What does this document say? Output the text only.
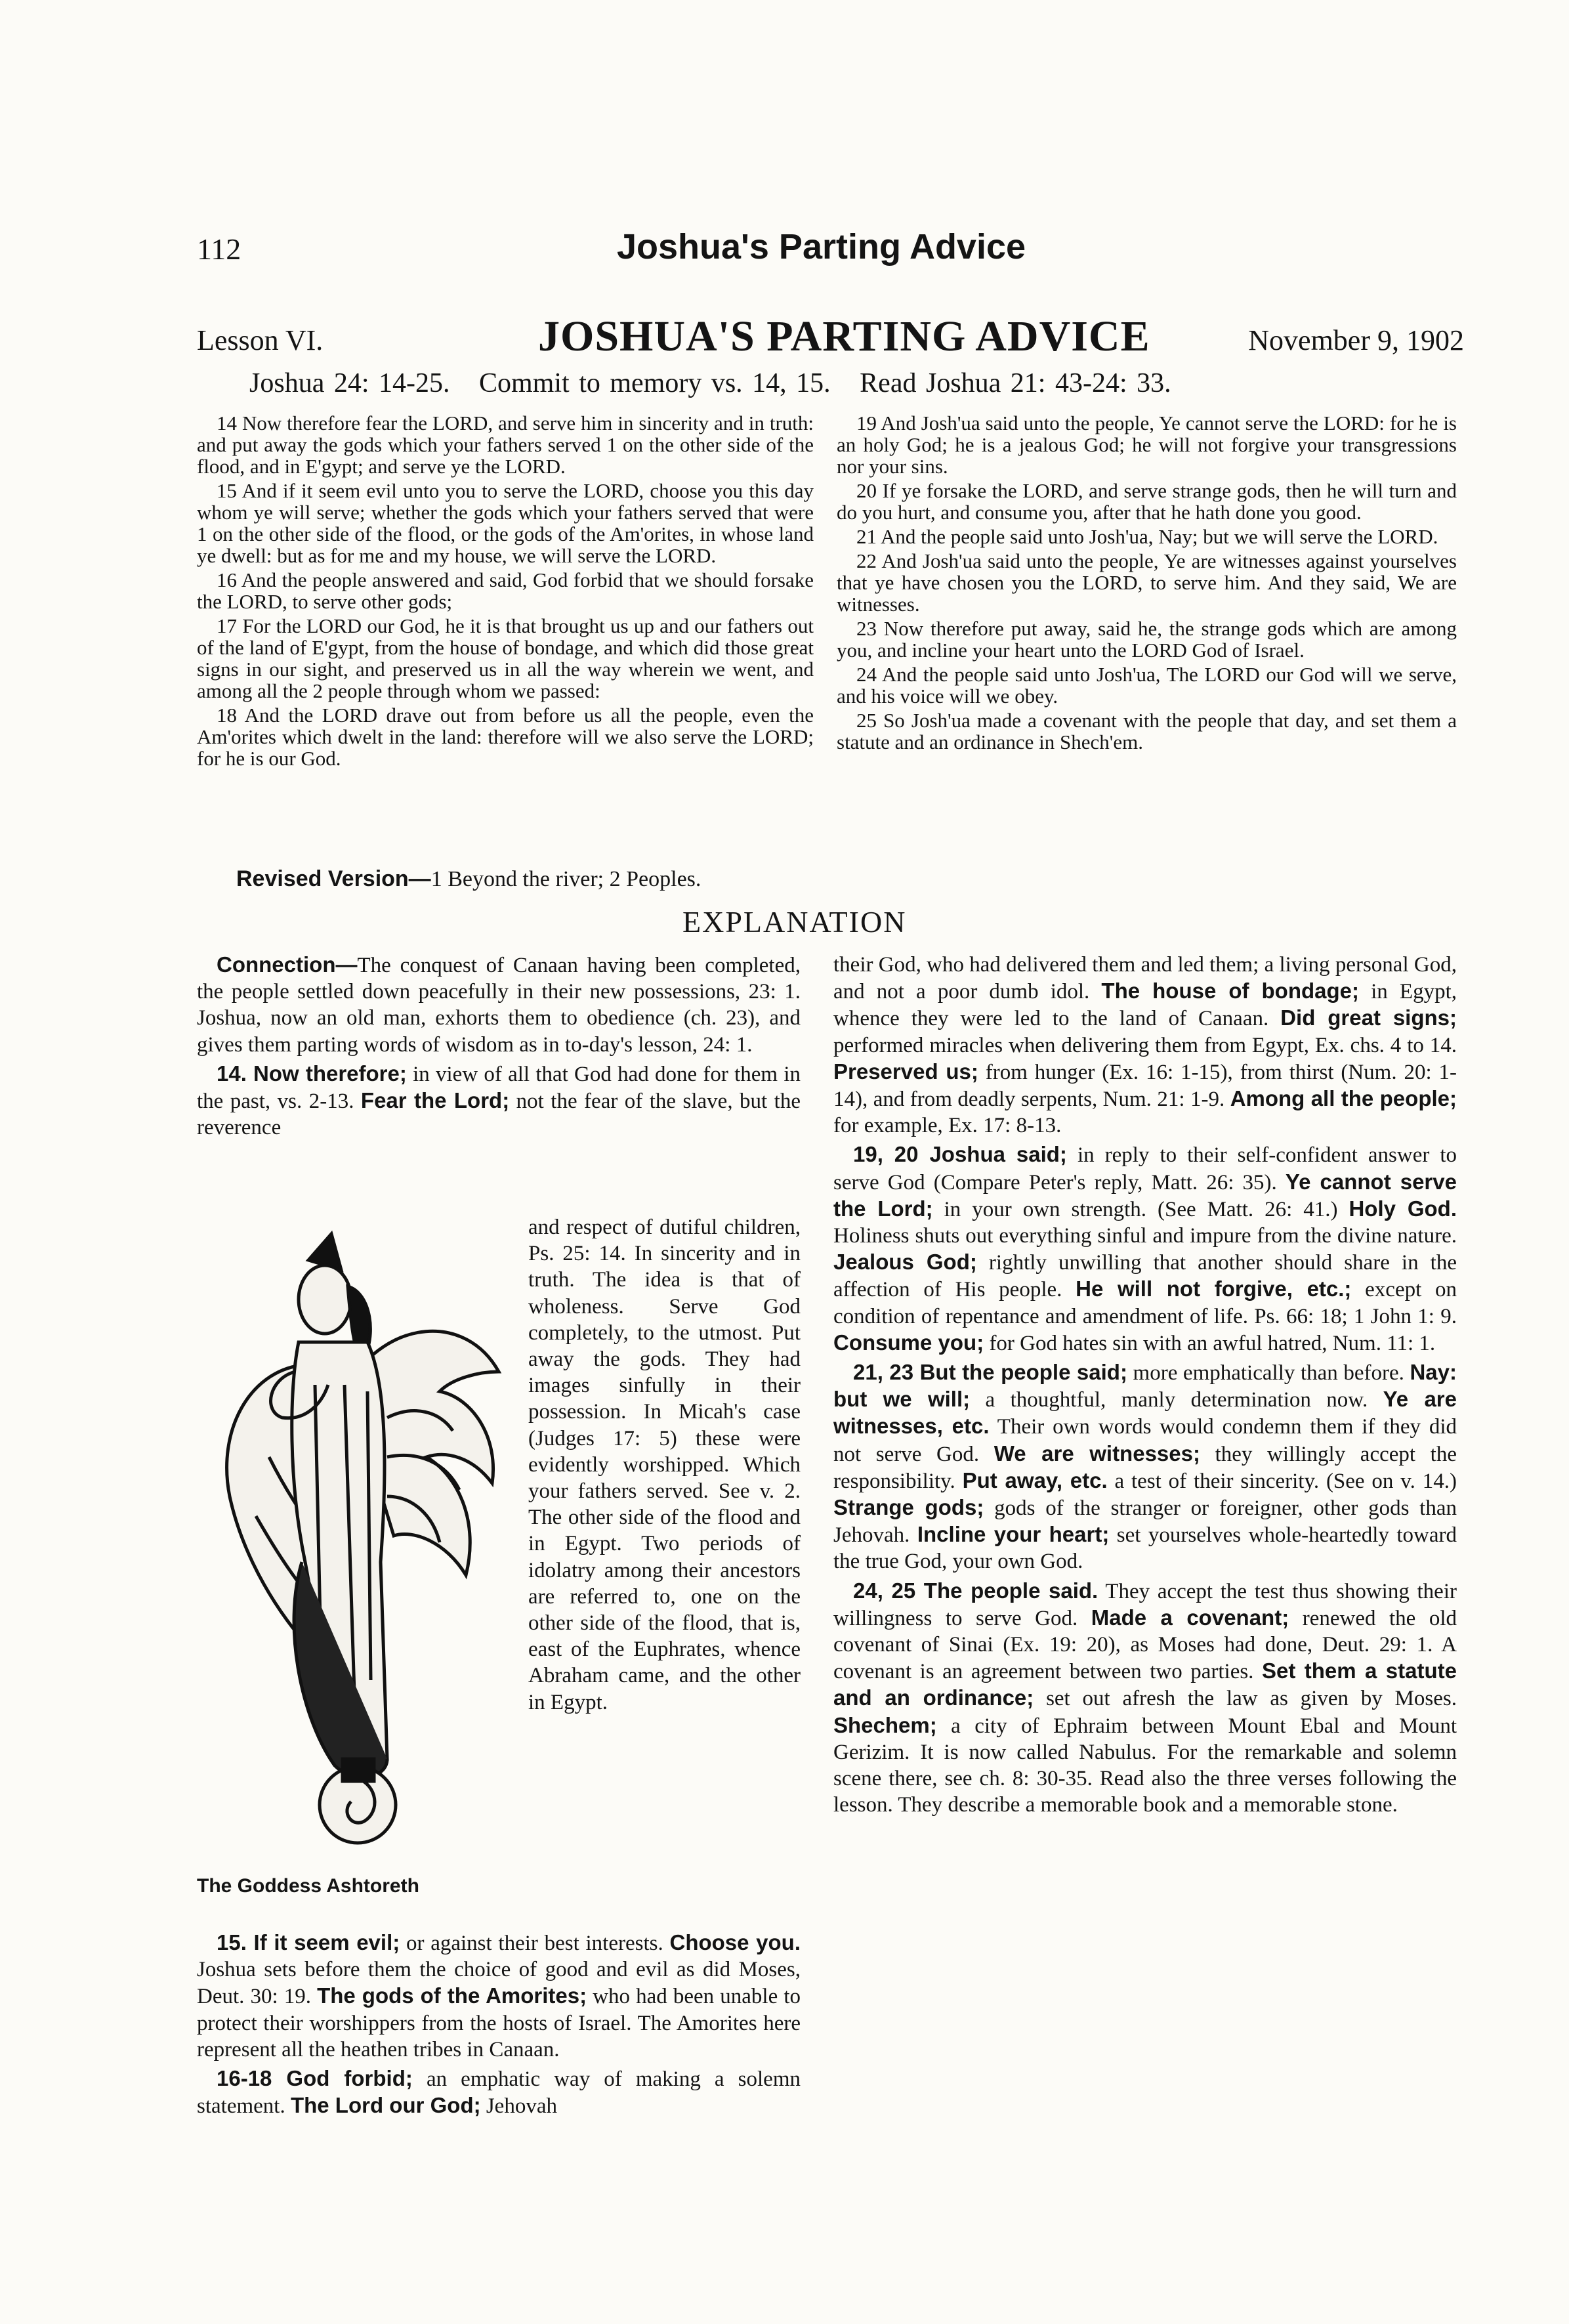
112	Joshua's Parting Advice
Lesson VI.	JOSHUA'S PARTING ADVICE	November 9, 1902
Joshua 24: 14-25. Commit to memory vs. 14, 15. Read Joshua 21: 43-24: 33.

14 Now therefore fear the LORD, and serve him in sincerity and in truth: and put away the gods which your fathers served 1 on the other side of the flood, and in E'gypt; and serve ye the LORD.

15 And if it seem evil unto you to serve the LORD, choose you this day whom ye will serve; whether the gods which your fathers served that were 1 on the other side of the flood, or the gods of the Am'orites, in whose land ye dwell: but as for me and my house, we will serve the LORD.

16 And the people answered and said, God forbid that we should forsake the LORD, to serve other gods;

17 For the LORD our God, he it is that brought us up and our fathers out of the land of E'gypt, from the house of bondage, and which did those great signs in our sight, and preserved us in all the way wherein we went, and among all the 2 people through whom we passed:

18 And the LORD drave out from before us all the people, even the Am'orites which dwelt in the land: therefore will we also serve the LORD; for he is our God.

19 And Josh'ua said unto the people, Ye cannot serve the LORD: for he is an holy God; he is a jealous God; he will not forgive your transgressions nor your sins.

20 If ye forsake the LORD, and serve strange gods, then he will turn and do you hurt, and consume you, after that he hath done you good.

21 And the people said unto Josh'ua, Nay; but we will serve the LORD.

22 And Josh'ua said unto the people, Ye are witnesses against yourselves that ye have chosen you the LORD, to serve him. And they said, We are witnesses.

23 Now therefore put away, said he, the strange gods which are among you, and incline your heart unto the LORD God of Israel.

24 And the people said unto Josh'ua, The LORD our God will we serve, and his voice will we obey.

25 So Josh'ua made a covenant with the people that day, and set them a statute and an ordinance in Shech'em.

Revised Version—1 Beyond the river; 2 Peoples.
EXPLANATION

Connection—The conquest of Canaan having been completed, the people settled down peacefully in their new possessions, 23: 1. Joshua, now an old man, exhorts them to obedience (ch. 23), and gives them parting words of wisdom as in to-day's lesson, 24: 1.

14. Now therefore; in view of all that God had done for them in the past, vs. 2-13. Fear the Lord; not the fear of the slave, but the reverence

and respect of dutiful children, Ps. 25: 14. In sincerity and in truth. The idea is that of wholeness. Serve God completely, to the utmost. Put away the gods. They had images sinfully in their possession. In Micah's case (Judges 17: 5) these were evidently worshipped. Which your fathers served. See v. 2. The other side of the flood and in Egypt. Two periods of idolatry among their ancestors are referred to, one on the other side of the flood, that is, east of the Euphrates, whence Abraham came, and the other in Egypt.

The Goddess Ashtoreth

15. If it seem evil; or against their best interests. Choose you. Joshua sets before them the choice of good and evil as did Moses, Deut. 30: 19. The gods of the Amorites; who had been unable to protect their worshippers from the hosts of Israel. The Amorites here represent all the heathen tribes in Canaan.

16-18 God forbid; an emphatic way of making a solemn statement. The Lord our God; Jehovah

their God, who had delivered them and led them; a living personal God, and not a poor dumb idol. The house of bondage; in Egypt, whence they were led to the land of Canaan. Did great signs; performed miracles when delivering them from Egypt, Ex. chs. 4 to 14. Preserved us; from hunger (Ex. 16: 1-15), from thirst (Num. 20: 1-14), and from deadly serpents, Num. 21: 1-9. Among all the people; for example, Ex. 17: 8-13.

19, 20 Joshua said; in reply to their self-confident answer to serve God (Compare Peter's reply, Matt. 26: 35). Ye cannot serve the Lord; in your own strength. (See Matt. 26: 41.) Holy God. Holiness shuts out everything sinful and impure from the divine nature. Jealous God; rightly unwilling that another should share in the affection of His people. He will not forgive, etc.; except on condition of repentance and amendment of life. Ps. 66: 18; 1 John 1: 9. Consume you; for God hates sin with an awful hatred, Num. 11: 1.

21, 23 But the people said; more emphatically than before. Nay: but we will; a thoughtful, manly determination now. Ye are witnesses, etc. Their own words would condemn them if they did not serve God. We are witnesses; they willingly accept the responsibility. Put away, etc. a test of their sincerity. (See on v. 14.) Strange gods; gods of the stranger or foreigner, other gods than Jehovah. Incline your heart; set yourselves whole-heartedly toward the true God, your own God.

24, 25 The people said. They accept the test thus showing their willingness to serve God. Made a covenant; renewed the old covenant of Sinai (Ex. 19: 20), as Moses had done, Deut. 29: 1. A covenant is an agreement between two parties. Set them a statute and an ordinance; set out afresh the law as given by Moses. Shechem; a city of Ephraim between Mount Ebal and Mount Gerizim. It is now called Nabulus. For the remarkable and solemn scene there, see ch. 8: 30-35. Read also the three verses following the lesson. They describe a memorable book and a memorable stone.
